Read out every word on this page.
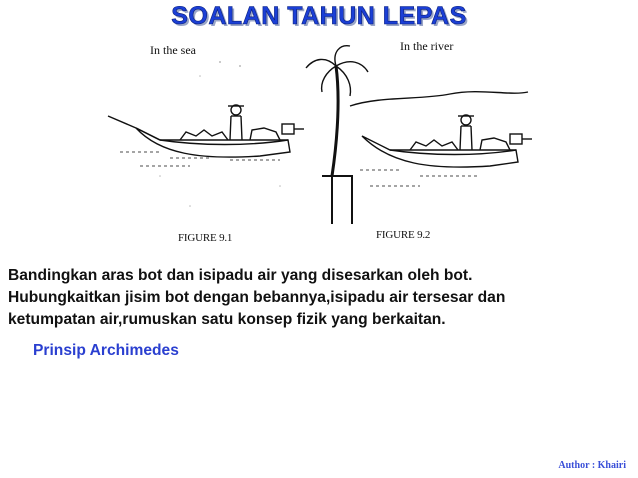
SOALAN TAHUN LEPAS
In the sea	In the river
FIGURE 9.1	FIGURE 9.2
Bandingkan aras bot dan isipadu air yang disesarkan oleh bot.
Hubungkaitkan jisim bot dengan bebannya,isipadu air tersesar dan
ketumpatan air,rumuskan satu konsep fizik yang berkaitan.
Prinsip Archimedes
Author : Khairi
